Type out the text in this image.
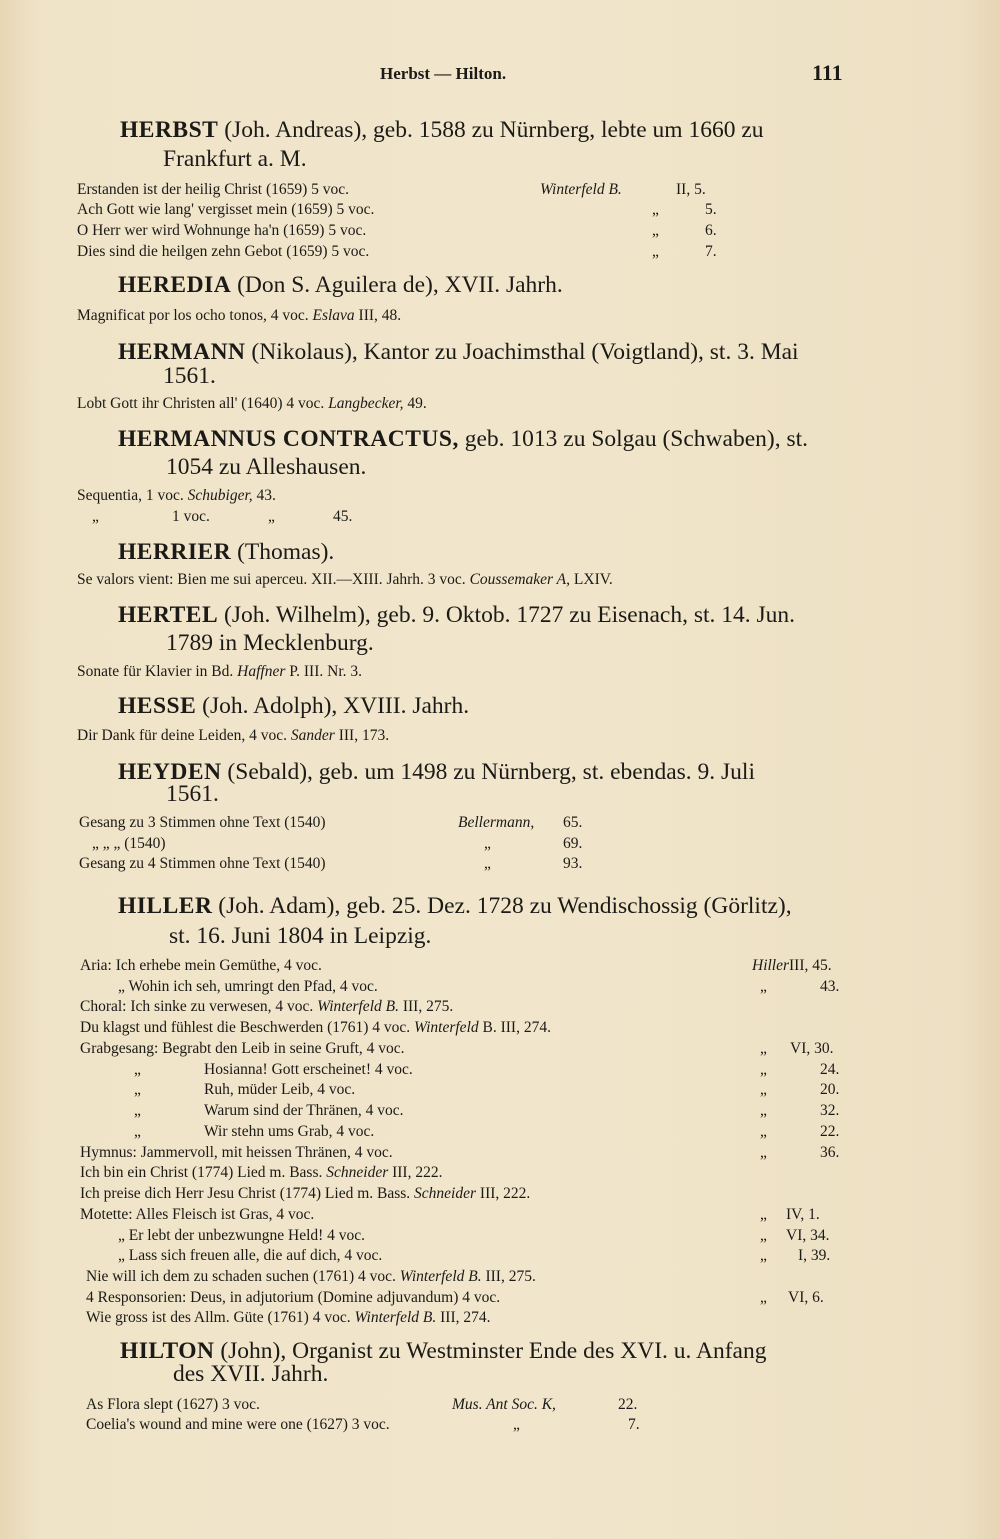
Herbst — Hilton.	111
HERBST (Joh. Andreas), geb. 1588 zu Nürnberg, lebte um 1660 zu
Frankfurt a. M.
Erstanden ist der heilig Christ (1659) 5 voc.	Winterfeld B.	II, 5.
Ach Gott wie lang' vergisset mein (1659) 5 voc.	„	5.
O Herr wer wird Wohnunge ha'n (1659) 5 voc.	„	6.
Dies sind die heilgen zehn Gebot (1659) 5 voc.	„	7.
HEREDIA (Don S. Aguilera de), XVII. Jahrh.
Magnificat por los ocho tonos, 4 voc. Eslava III, 48.
HERMANN (Nikolaus), Kantor zu Joachimsthal (Voigtland), st. 3. Mai
1561.
Lobt Gott ihr Christen all' (1640) 4 voc. Langbecker, 49.
HERMANNUS CONTRACTUS, geb. 1013 zu Solgau (Schwaben), st.
1054 zu Alleshausen.
Sequentia, 1 voc. Schubiger, 43.
„	1 voc.	„	45.
HERRIER (Thomas).
Se valors vient: Bien me sui aperceu. XII.—XIII. Jahrh. 3 voc. Coussemaker A, LXIV.
HERTEL (Joh. Wilhelm), geb. 9. Oktob. 1727 zu Eisenach, st. 14. Jun.
1789 in Mecklenburg.
Sonate für Klavier in Bd. Haffner P. III. Nr. 3.
HESSE (Joh. Adolph), XVIII. Jahrh.
Dir Dank für deine Leiden, 4 voc. Sander III, 173.
HEYDEN (Sebald), geb. um 1498 zu Nürnberg, st. ebendas. 9. Juli
1561.
Gesang zu 3 Stimmen ohne Text (1540)	Bellermann, 65.
„ „ „ (1540)	„	69.
Gesang zu 4 Stimmen ohne Text (1540)	„	93.
HILLER (Joh. Adam), geb. 25. Dez. 1728 zu Wendischossig (Görlitz),
st. 16. Juni 1804 in Leipzig.
Aria: Ich erhebe mein Gemüthe, 4 voc.	Hiller III, 45.
„ Wohin ich seh, umringt den Pfad, 4 voc.	„	43.
Choral: Ich sinke zu verwesen, 4 voc. Winterfeld B. III, 275.
Du klagst und fühlest die Beschwerden (1761) 4 voc. Winterfeld B. III, 274.
Grabgesang: Begrabt den Leib in seine Gruft, 4 voc.	„ VI, 30.
„	Hosianna! Gott erscheinet! 4 voc.	„	24.
„	Ruh, müder Leib, 4 voc.	„	20.
„	Warum sind der Thränen, 4 voc.	„	32.
„	Wir stehn ums Grab, 4 voc.	„	22.
Hymnus: Jammervoll, mit heissen Thränen, 4 voc.	„	36.
Ich bin ein Christ (1774) Lied m. Bass. Schneider III, 222.
Ich preise dich Herr Jesu Christ (1774) Lied m. Bass. Schneider III, 222.
Motette: Alles Fleisch ist Gras, 4 voc.	„ IV, 1.
„ Er lebt der unbezwungne Held! 4 voc.	„ VI, 34.
„ Lass sich freuen alle, die auf dich, 4 voc.	„ I, 39.
Nie will ich dem zu schaden suchen (1761) 4 voc. Winterfeld B. III, 275.
4 Responsorien: Deus, in adjutorium (Domine adjuvandum) 4 voc.	„ VI, 6.
Wie gross ist des Allm. Güte (1761) 4 voc. Winterfeld B. III, 274.
HILTON (John), Organist zu Westminster Ende des XVI. u. Anfang
des XVII. Jahrh.
As Flora slept (1627) 3 voc.	Mus. Ant Soc. K,	22.
Coelia's wound and mine were one (1627) 3 voc.	„	7.
